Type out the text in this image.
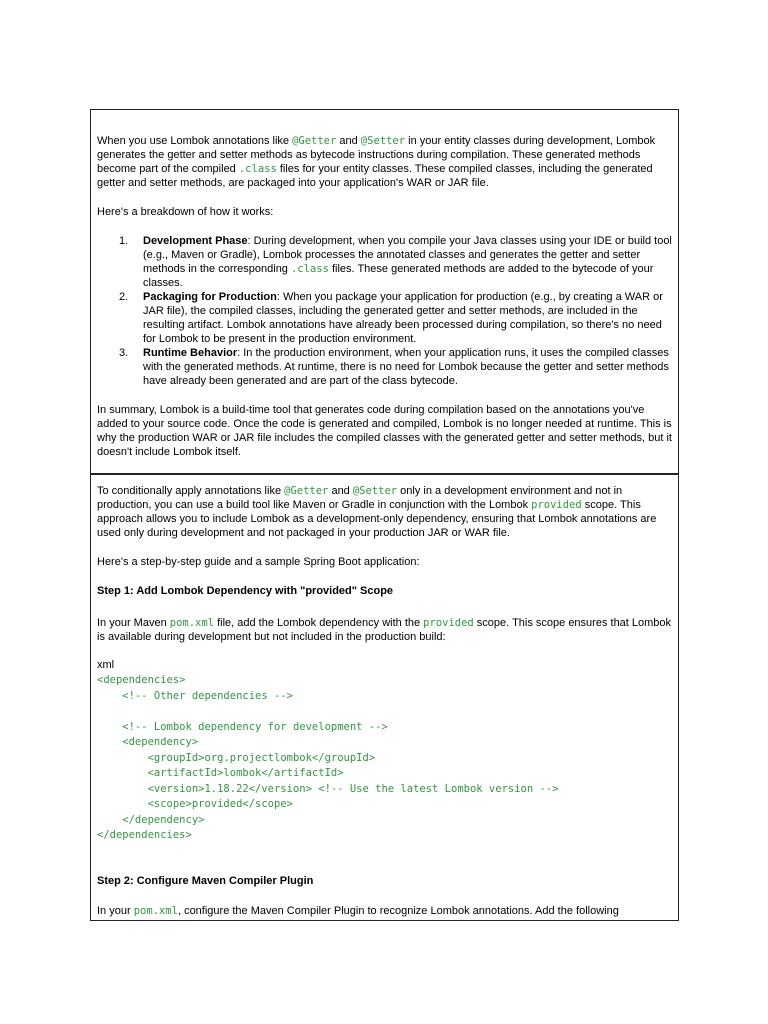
When you use Lombok annotations like @Getter and @Setter in your entity classes during development, Lombok generates the getter and setter methods as bytecode instructions during compilation. These generated methods become part of the compiled .class files for your entity classes. These compiled classes, including the generated getter and setter methods, are packaged into your application's WAR or JAR file.

Here's a breakdown of how it works:

1. Development Phase: During development, when you compile your Java classes using your IDE or build tool (e.g., Maven or Gradle), Lombok processes the annotated classes and generates the getter and setter methods in the corresponding .class files. These generated methods are added to the bytecode of your classes.
2. Packaging for Production: When you package your application for production (e.g., by creating a WAR or JAR file), the compiled classes, including the generated getter and setter methods, are included in the resulting artifact. Lombok annotations have already been processed during compilation, so there's no need for Lombok to be present in the production environment.
3. Runtime Behavior: In the production environment, when your application runs, it uses the compiled classes with the generated methods. At runtime, there is no need for Lombok because the getter and setter methods have already been generated and are part of the class bytecode.

In summary, Lombok is a build-time tool that generates code during compilation based on the annotations you've added to your source code. Once the code is generated and compiled, Lombok is no longer needed at runtime. This is why the production WAR or JAR file includes the compiled classes with the generated getter and setter methods, but it doesn't include Lombok itself.

To conditionally apply annotations like @Getter and @Setter only in a development environment and not in production, you can use a build tool like Maven or Gradle in conjunction with the Lombok provided scope. This approach allows you to include Lombok as a development-only dependency, ensuring that Lombok annotations are used only during development and not packaged in your production JAR or WAR file.

Here's a step-by-step guide and a sample Spring Boot application:

Step 1: Add Lombok Dependency with "provided" Scope

In your Maven pom.xml file, add the Lombok dependency with the provided scope. This scope ensures that Lombok is available during development but not included in the production build:

xml

<dependencies>
<!-- Other dependencies -->
<!-- Lombok dependency for development -->
<dependency>
<groupId>org.projectlombok</groupId>
<artifactId>lombok</artifactId>
<version>1.18.22</version> <!-- Use the latest Lombok version -->
<scope>provided</scope>
</dependency>
</dependencies>

Step 2: Configure Maven Compiler Plugin

In your pom.xml, configure the Maven Compiler Plugin to recognize Lombok annotations. Add the following
